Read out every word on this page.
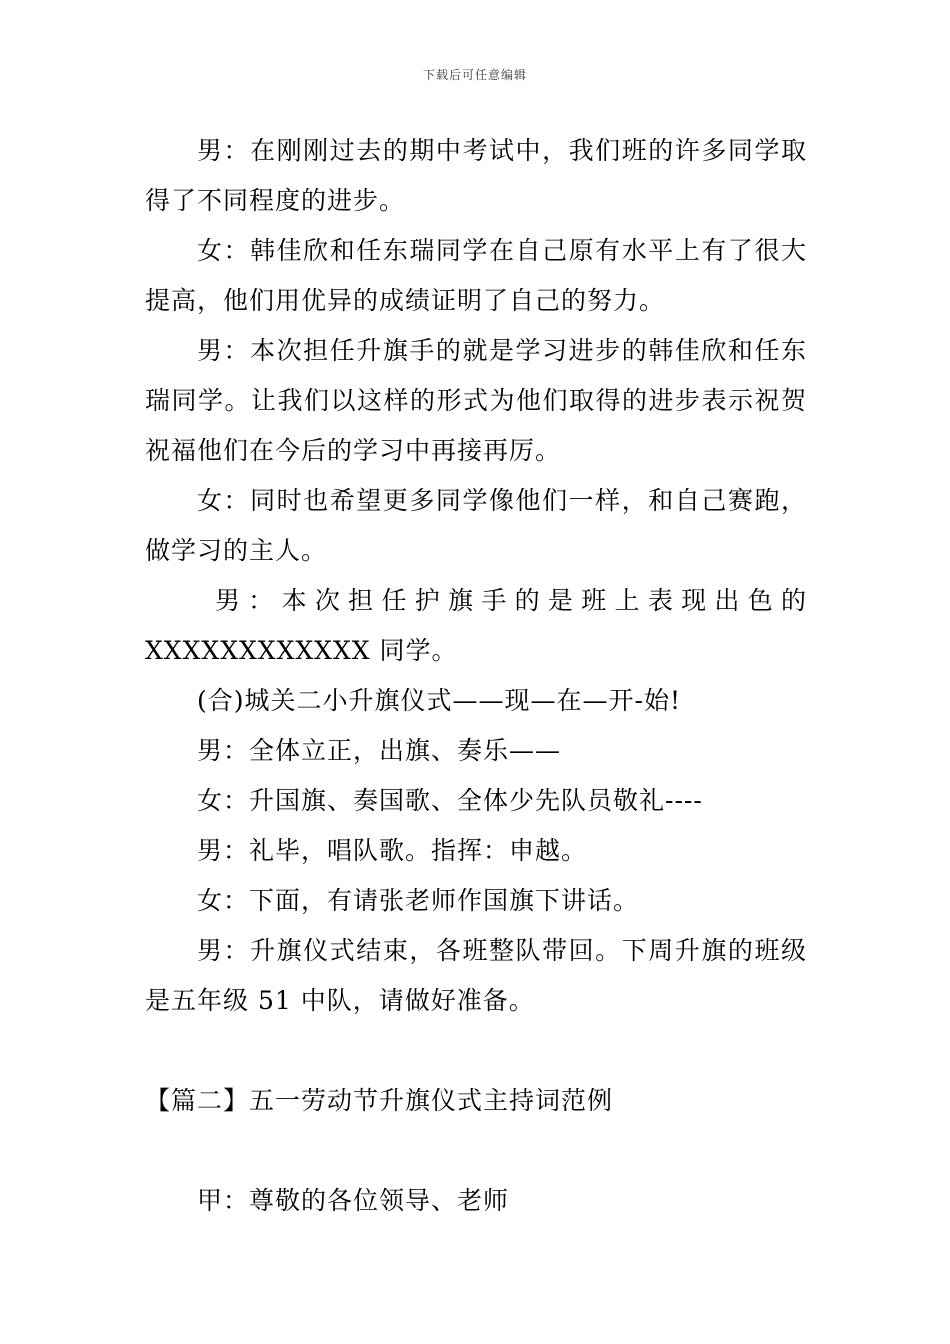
下载后可任意编辑

男：在刚刚过去的期中考试中，我们班的许多同学取得了不同程度的进步。

女：韩佳欣和任东瑞同学在自己原有水平上有了很大提高，他们用优异的成绩证明了自己的努力。

男：本次担任升旗手的就是学习进步的韩佳欣和任东瑞同学。让我们以这样的形式为他们取得的进步表示祝贺祝福他们在今后的学习中再接再厉。

女：同时也希望更多同学像他们一样，和自己赛跑，做学习的主人。

男：本次担任护旗手的是班上表现出色的

XXXXXXXXXXXX 同学。

(合)城关二小升旗仪式——现—在—开-始!

男：全体立正，出旗、奏乐——

女：升国旗、奏国歌、全体少先队员敬礼----

男：礼毕，唱队歌。指挥：申越。

女：下面，有请张老师作国旗下讲话。

男：升旗仪式结束，各班整队带回。下周升旗的班级是五年级 51 中队，请做好准备。

【篇二】五一劳动节升旗仪式主持词范例

甲：尊敬的各位领导、老师
